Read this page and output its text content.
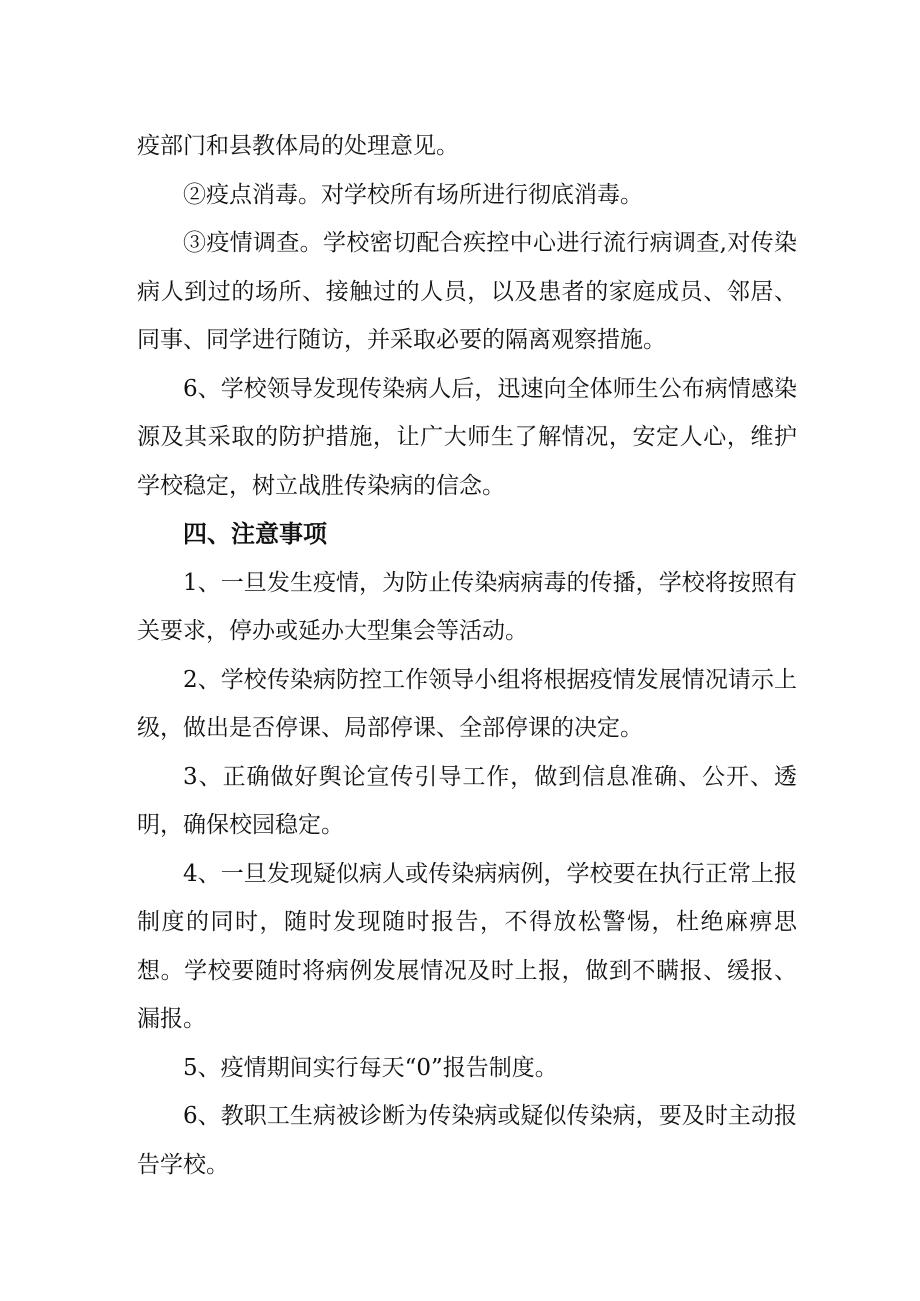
疫部门和县教体局的处理意见。

②疫点消毒。对学校所有场所进行彻底消毒。

③疫情调查。学校密切配合疾控中心进行流行病调查,对传染病人到过的场所、接触过的人员，以及患者的家庭成员、邻居、同事、同学进行随访，并采取必要的隔离观察措施。

6、学校领导发现传染病人后，迅速向全体师生公布病情感染源及其采取的防护措施，让广大师生了解情况，安定人心，维护学校稳定，树立战胜传染病的信念。

四、注意事项

1、一旦发生疫情，为防止传染病病毒的传播，学校将按照有关要求，停办或延办大型集会等活动。

2、学校传染病防控工作领导小组将根据疫情发展情况请示上级，做出是否停课、局部停课、全部停课的决定。

3、正确做好舆论宣传引导工作，做到信息准确、公开、透明，确保校园稳定。

4、一旦发现疑似病人或传染病病例，学校要在执行正常上报制度的同时，随时发现随时报告，不得放松警惕，杜绝麻痹思想。学校要随时将病例发展情况及时上报，做到不瞒报、缓报、漏报。

5、疫情期间实行每天“0”报告制度。

6、教职工生病被诊断为传染病或疑似传染病，要及时主动报告学校。
